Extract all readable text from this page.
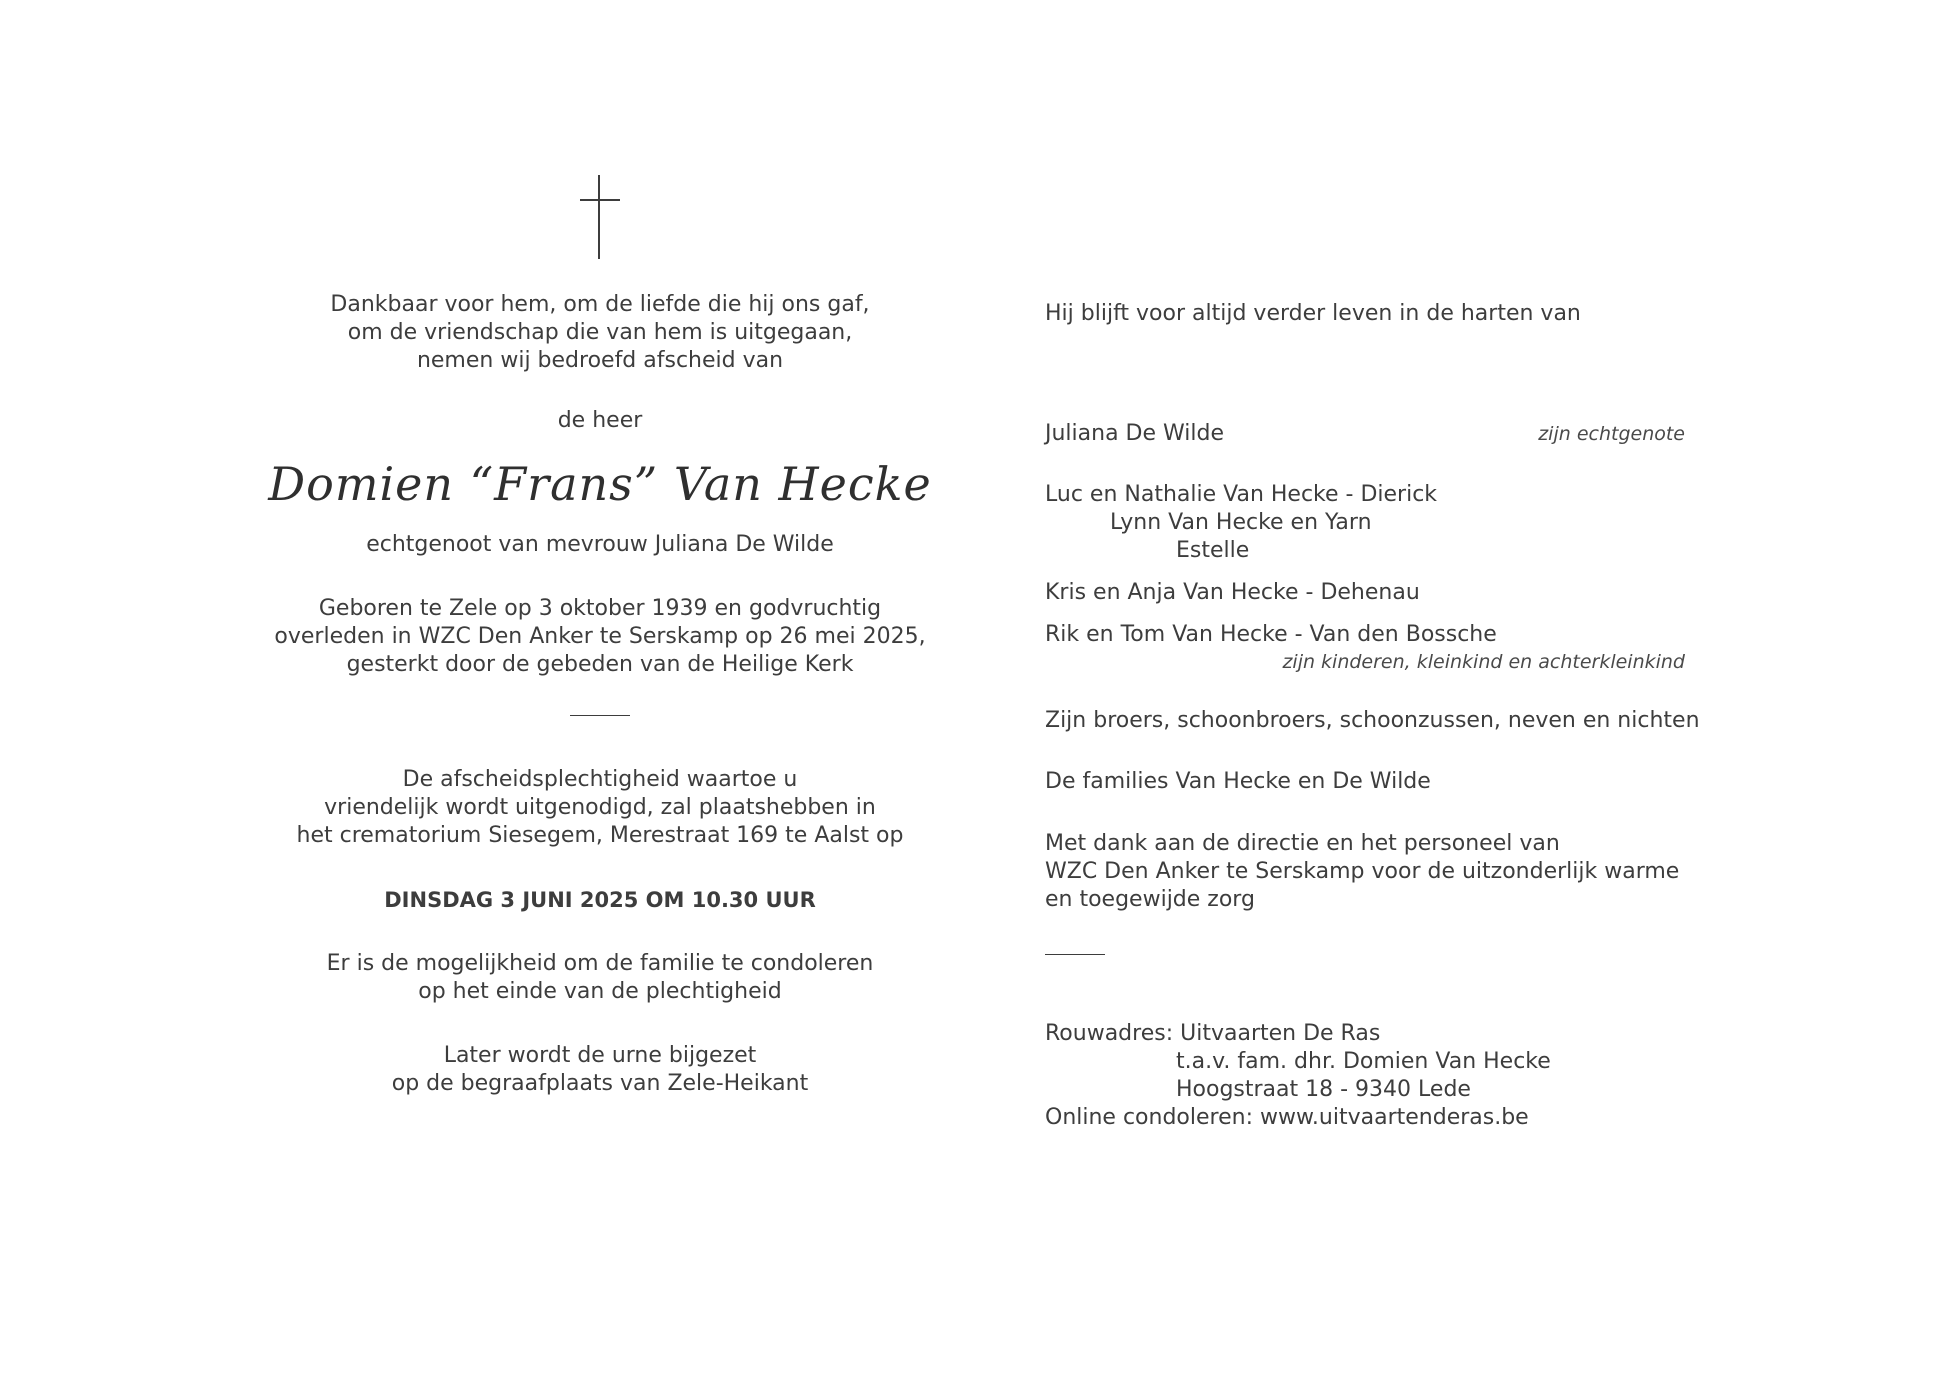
Dankbaar voor hem, om de liefde die hij ons gaf,
om de vriendschap die van hem is uitgegaan,
nemen wij bedroefd afscheid van
de heer
Domien “Frans” Van Hecke
echtgenoot van mevrouw Juliana De Wilde
Geboren te Zele op 3 oktober 1939 en godvruchtig
overleden in WZC Den Anker te Serskamp op 26 mei 2025,
gesterkt door de gebeden van de Heilige Kerk
De afscheidsplechtigheid waartoe u
vriendelijk wordt uitgenodigd, zal plaatshebben in
het crematorium Siesegem, Merestraat 169 te Aalst op
DINSDAG 3 JUNI 2025 OM 10.30 UUR
Er is de mogelijkheid om de familie te condoleren
op het einde van de plechtigheid
Later wordt de urne bijgezet
op de begraafplaats van Zele-Heikant
Hij blijft voor altijd verder leven in de harten van
Juliana De Wilde	zijn echtgenote
Luc en Nathalie Van Hecke - Dierick
Lynn Van Hecke en Yarn
Estelle
Kris en Anja Van Hecke - Dehenau
Rik en Tom Van Hecke - Van den Bossche
zijn kinderen, kleinkind en achterkleinkind
Zijn broers, schoonbroers, schoonzussen, neven en nichten
De families Van Hecke en De Wilde
Met dank aan de directie en het personeel van
WZC Den Anker te Serskamp voor de uitzonderlijk warme
en toegewijde zorg
Rouwadres: Uitvaarten De Ras
t.a.v. fam. dhr. Domien Van Hecke
Hoogstraat 18 - 9340 Lede
Online condoleren: www.uitvaartenderas.be
